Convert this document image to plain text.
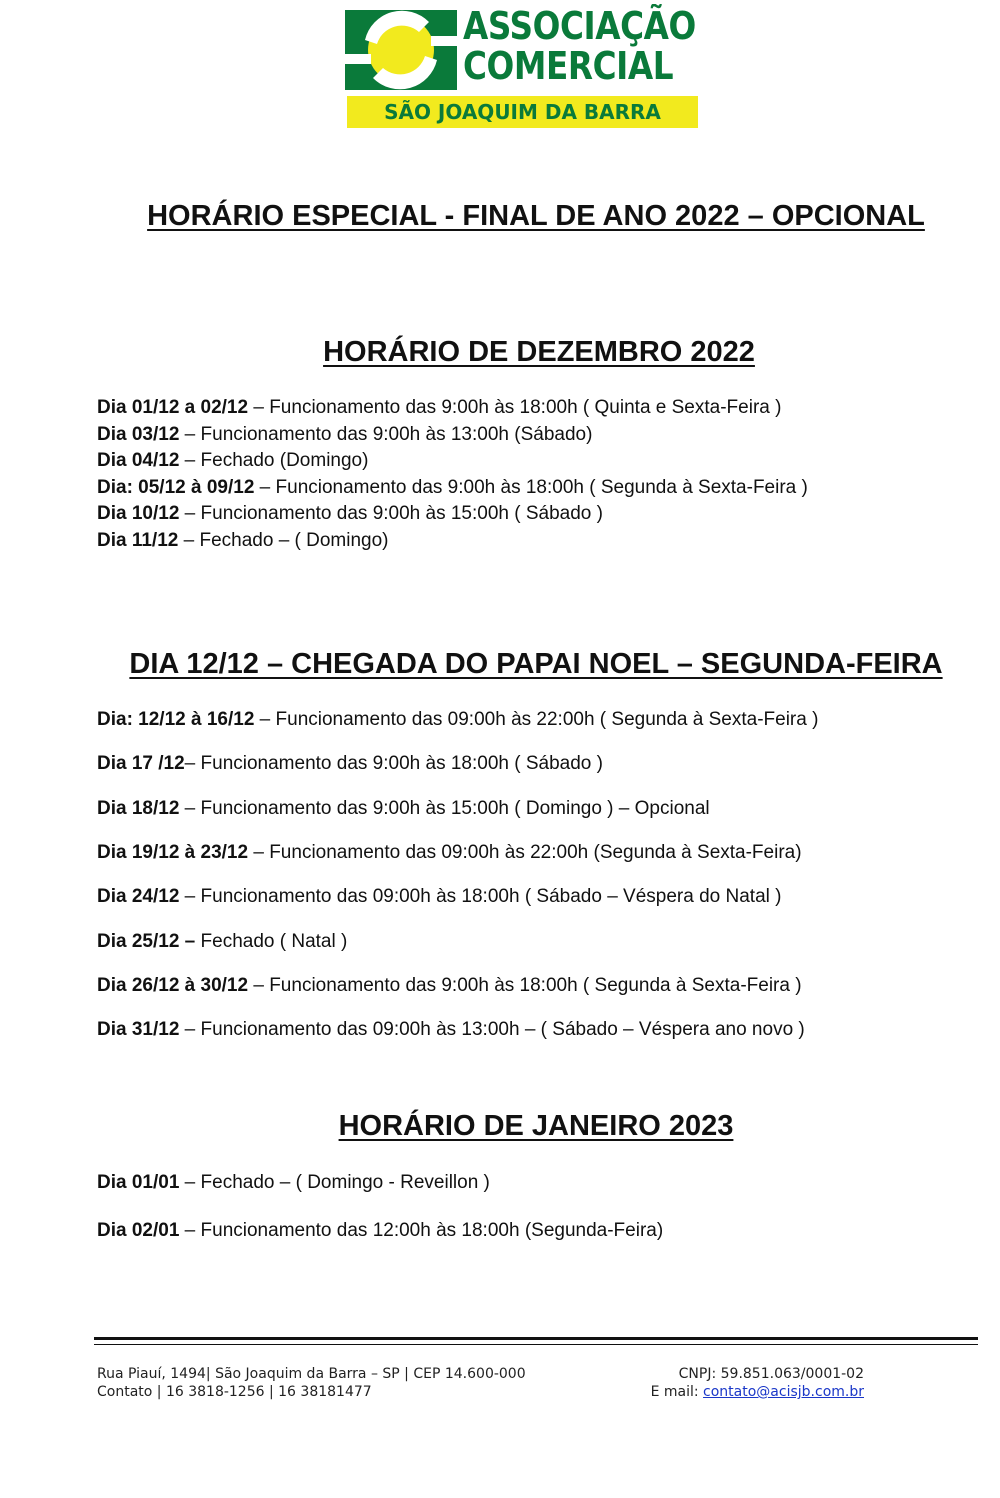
ASSOCIAÇÃO
COMERCIAL
SÃO JOAQUIM DA BARRA
HORÁRIO ESPECIAL - FINAL DE ANO 2022 – OPCIONAL
HORÁRIO DE DEZEMBRO 2022
Dia 01/12 a 02/12 – Funcionamento das 9:00h às 18:00h ( Quinta e Sexta-Feira )
Dia 03/12 – Funcionamento das 9:00h às 13:00h (Sábado)
Dia 04/12 – Fechado (Domingo)
Dia: 05/12 à 09/12 – Funcionamento das 9:00h às 18:00h ( Segunda à Sexta-Feira )
Dia 10/12 – Funcionamento das 9:00h às 15:00h ( Sábado )
Dia 11/12 – Fechado – ( Domingo)
DIA 12/12 – CHEGADA DO PAPAI NOEL – SEGUNDA-FEIRA
Dia: 12/12 à 16/12 – Funcionamento das 09:00h às 22:00h ( Segunda à Sexta-Feira )
Dia 17 /12– Funcionamento das 9:00h às 18:00h ( Sábado )
Dia 18/12 – Funcionamento das 9:00h às 15:00h ( Domingo ) – Opcional
Dia 19/12 à 23/12 – Funcionamento das 09:00h às 22:00h (Segunda à Sexta-Feira)
Dia 24/12 – Funcionamento das 09:00h às 18:00h ( Sábado – Véspera do Natal )
Dia 25/12 – Fechado ( Natal )
Dia 26/12 à 30/12 – Funcionamento das 9:00h às 18:00h ( Segunda à Sexta-Feira )
Dia 31/12 – Funcionamento das 09:00h às 13:00h – ( Sábado – Véspera ano novo )
HORÁRIO DE JANEIRO 2023
Dia 01/01 – Fechado – ( Domingo - Reveillon )
Dia 02/01 – Funcionamento das 12:00h às 18:00h (Segunda-Feira)
Rua Piauí, 1494| São Joaquim da Barra – SP | CEP 14.600-000
Contato | 16 3818-1256 | 16 38181477
CNPJ: 59.851.063/0001-02
E mail: contato@acisjb.com.br
